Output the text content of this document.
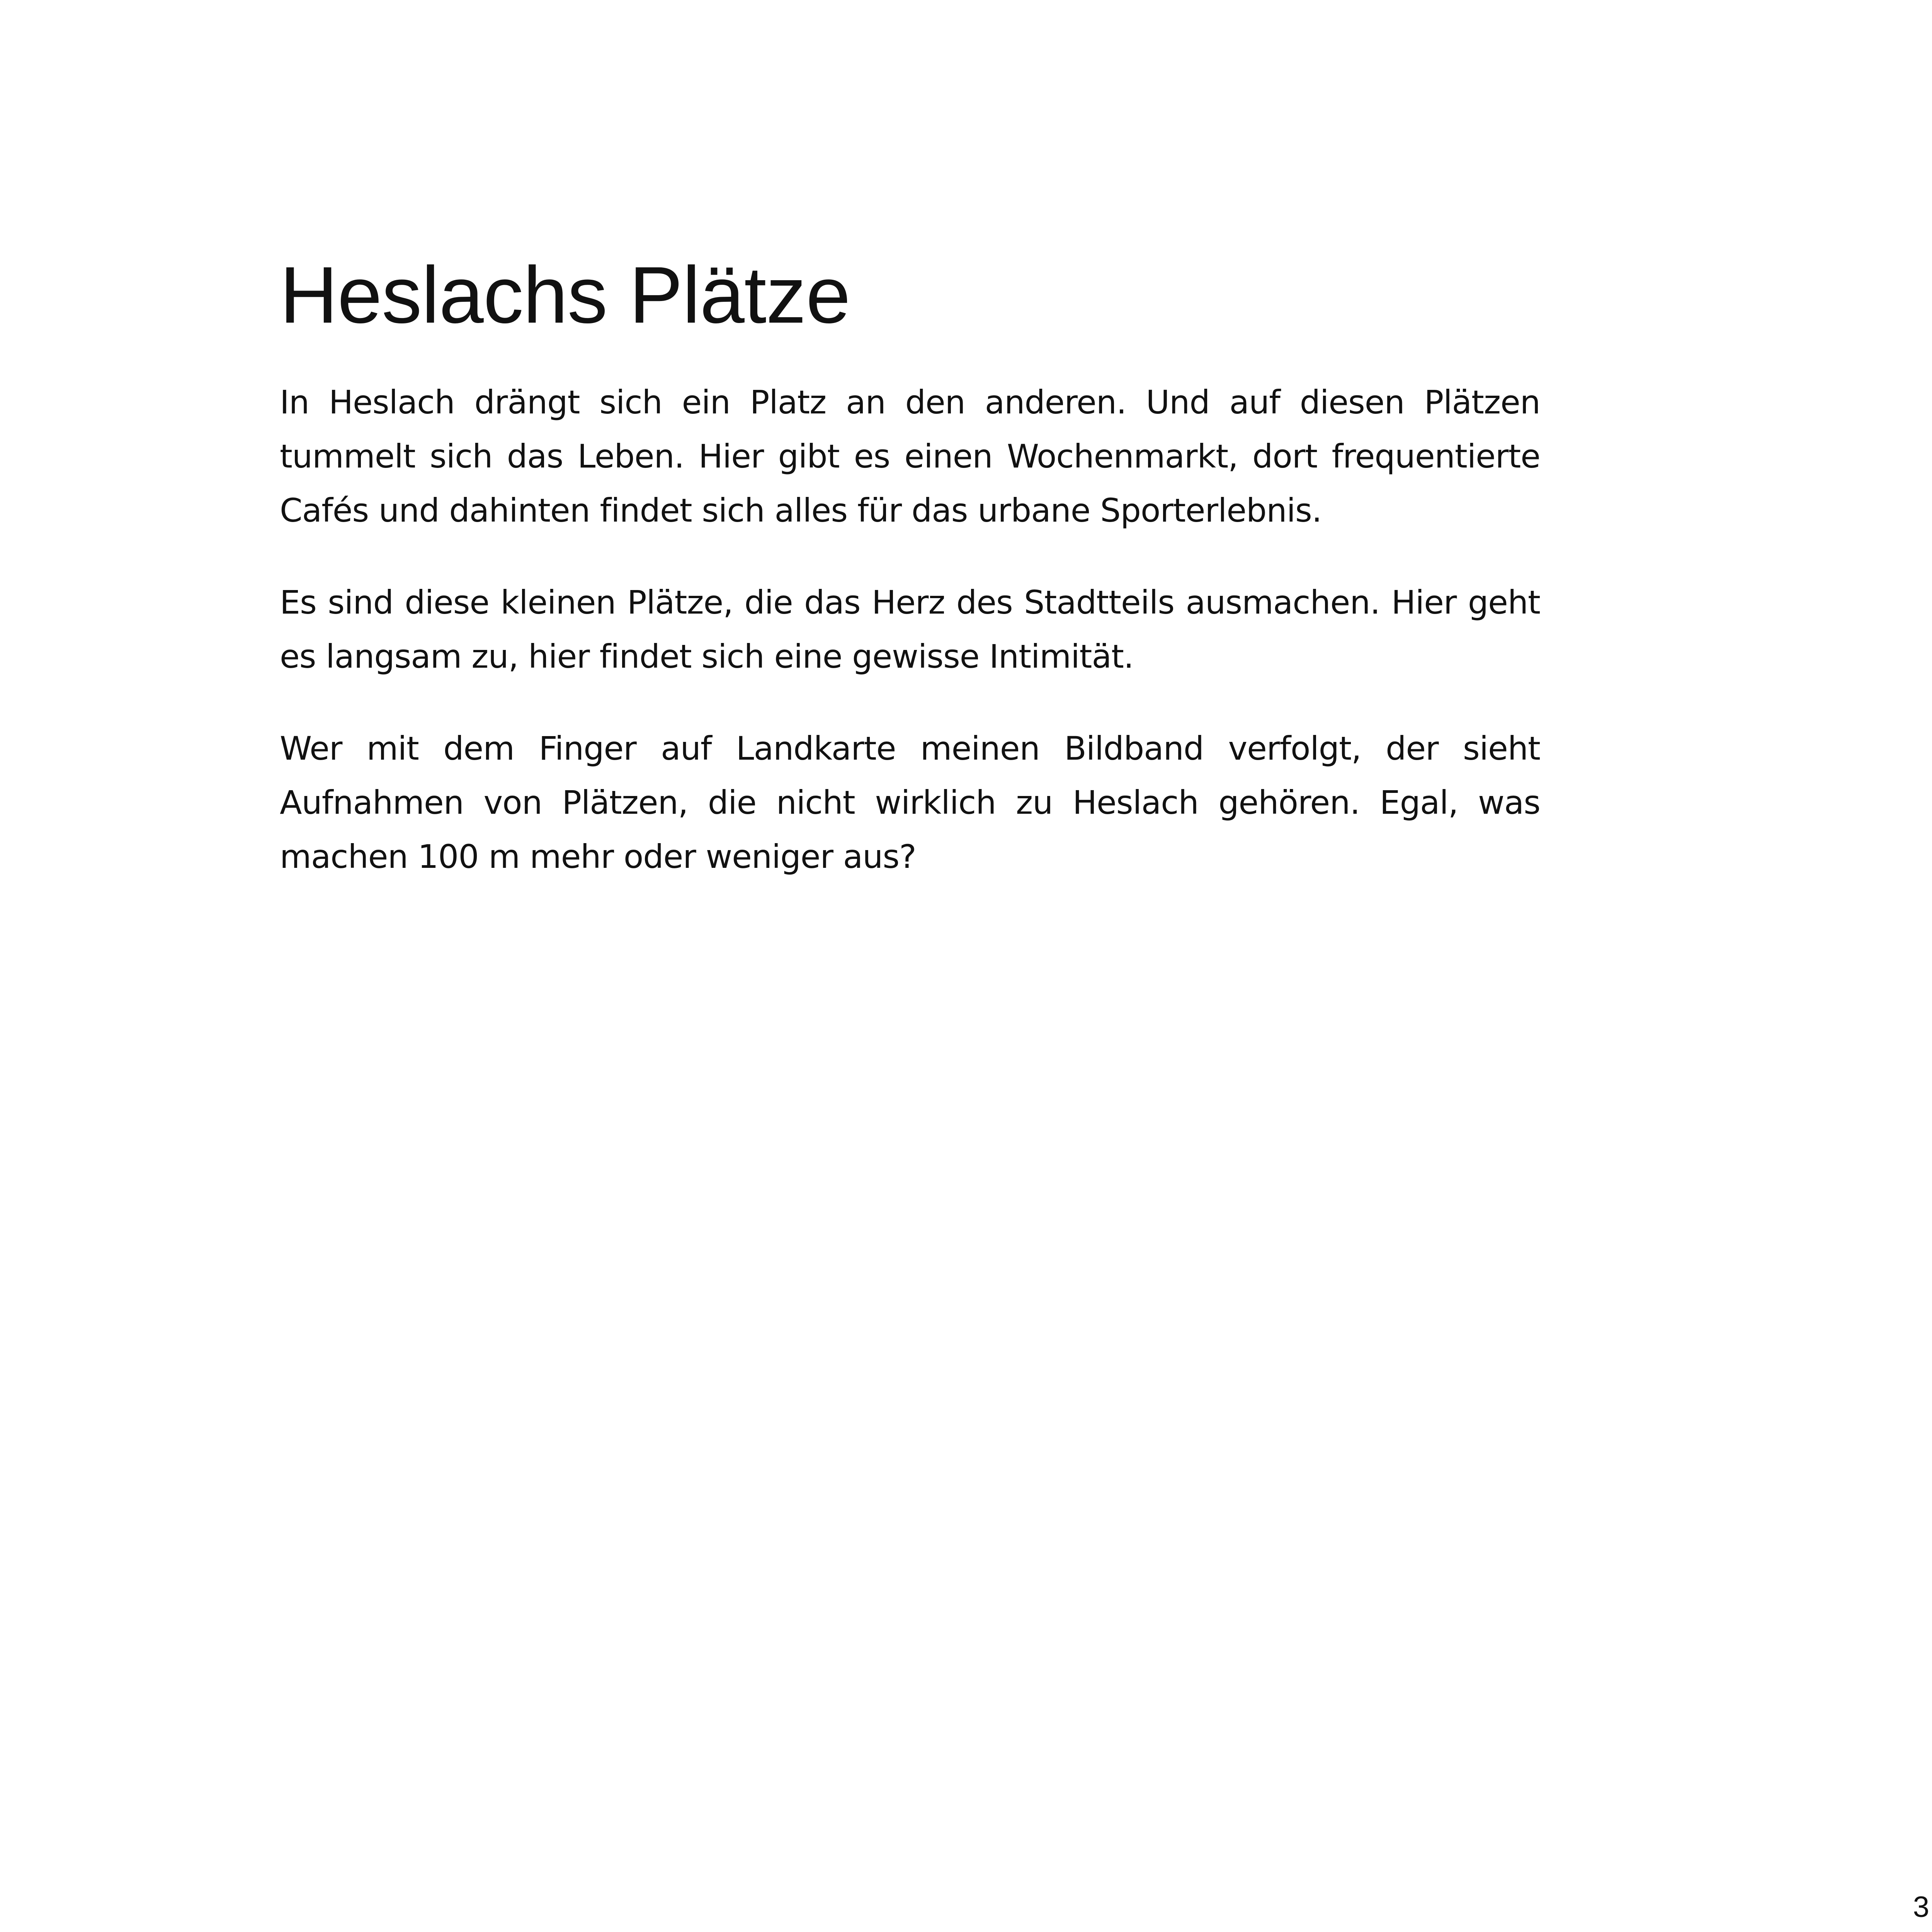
Heslachs Plätze

In Heslach drängt sich ein Platz an den anderen. Und auf diesen Plätzen tummelt sich das Leben. Hier gibt es einen Wochenmarkt, dort frequentierte Cafés und dahinten findet sich alles für das urbane Sporterlebnis.

Es sind diese kleinen Plätze, die das Herz des Stadtteils ausmachen. Hier geht es langsam zu, hier findet sich eine gewisse Intimität.

Wer mit dem Finger auf Landkarte meinen Bildband verfolgt, der sieht Aufnahmen von Plätzen, die nicht wirklich zu Heslach gehören. Egal, was machen 100 m mehr oder weniger aus?

3
